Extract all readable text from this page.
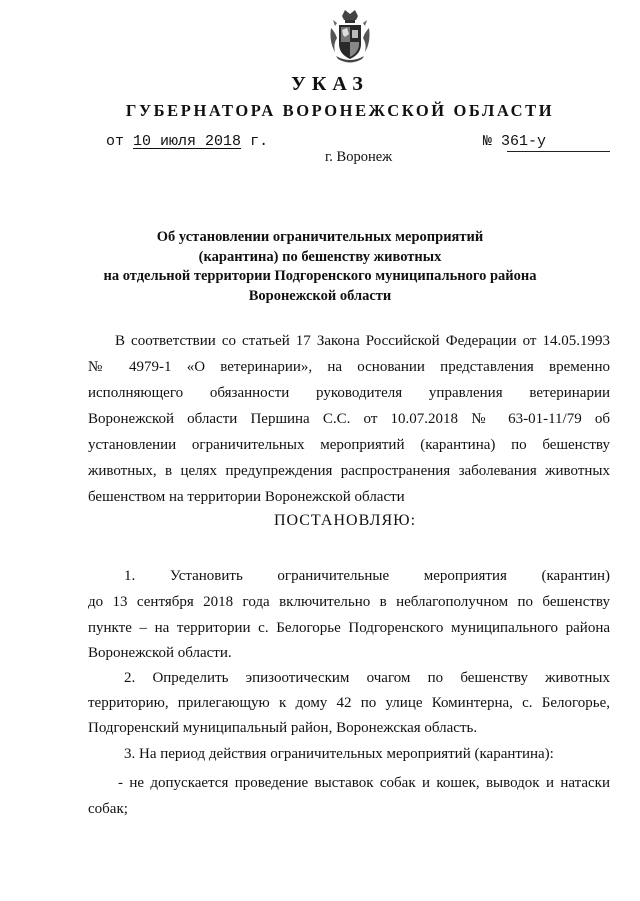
УКАЗ
ГУБЕРНАТОРА ВОРОНЕЖСКОЙ ОБЛАСТИ
от 10 июля 2018 г.	№ 361-у
г. Воронеж
Об установлении ограничительных мероприятий
(карантина) по бешенству животных
на отдельной территории Подгоренского муниципального района
Воронежской области
В соответствии со статьей 17 Закона Российской Федерации от 14.05.1993
№ 4979-1 «О ветеринарии», на основании представления временно
исполняющего обязанности руководителя управления ветеринарии
Воронежской области Першина С.С. от 10.07.2018 № 63-01-11/79 об
установлении ограничительных мероприятий (карантина) по бешенству
животных, в целях предупреждения распространения заболевания животных
бешенством на территории Воронежской области
ПОСТАНОВЛЯЮ:
1. Установить ограничительные мероприятия (карантин)
до 13 сентября 2018 года включительно в неблагополучном по бешенству
пункте – на территории с. Белогорье Подгоренского муниципального района
Воронежской области.
2. Определить эпизоотическим очагом по бешенству животных
территорию, прилегающую к дому 42 по улице Коминтерна, с. Белогорье,
Подгоренский муниципальный район, Воронежская область.
3. На период действия ограничительных мероприятий (карантина):
- не допускается проведение выставок собак и кошек, выводок и натаски
собак;
